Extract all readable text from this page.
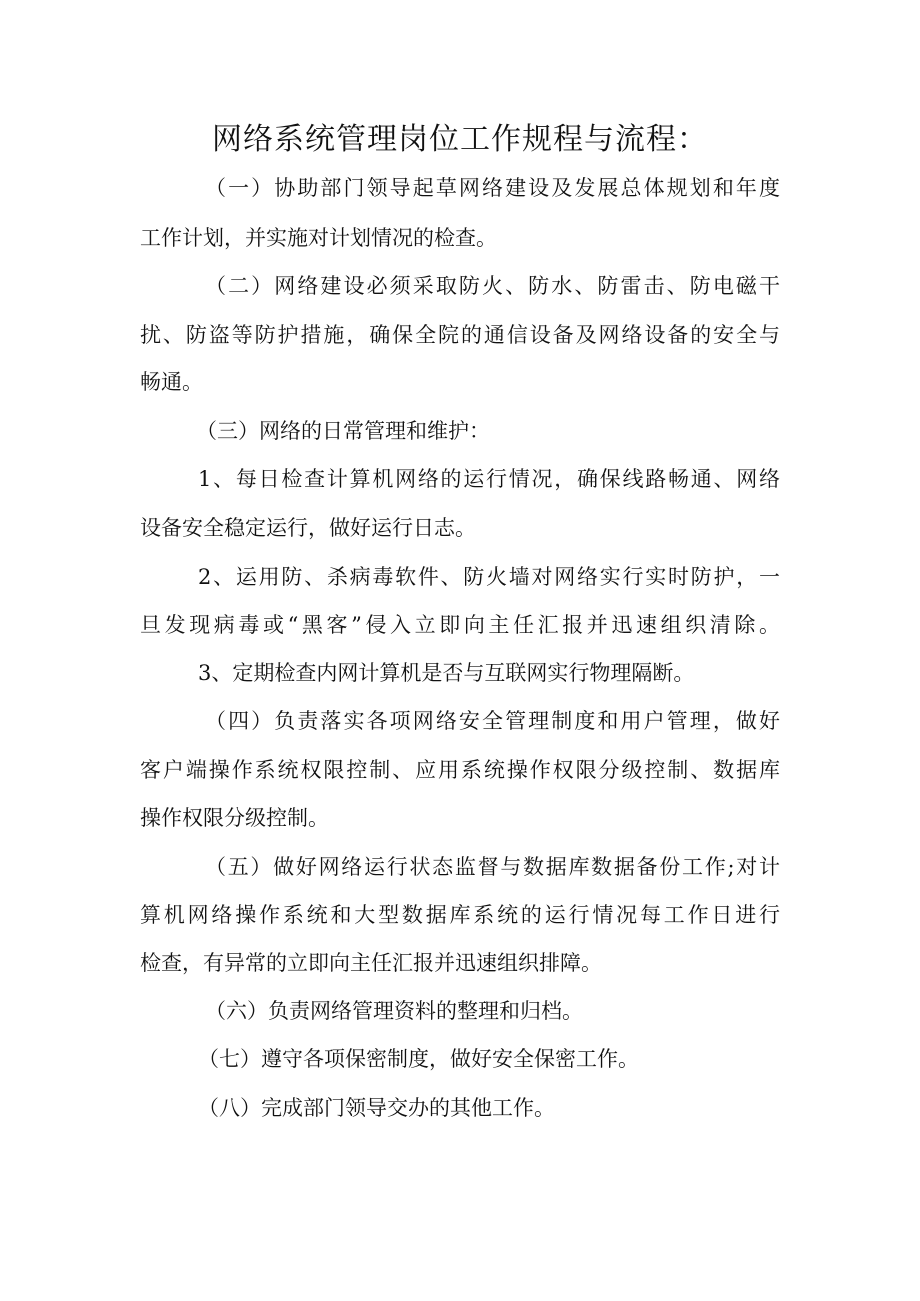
网络系统管理岗位工作规程与流程：
（一）协助部门领导起草网络建设及发展总体规划和年度
工作计划，并实施对计划情况的检查。
（二）网络建设必须采取防火、防水、防雷击、防电磁干
扰、防盗等防护措施，确保全院的通信设备及网络设备的安全与
畅通。
（三）网络的日常管理和维护：
1、每日检查计算机网络的运行情况，确保线路畅通、网络
设备安全稳定运行，做好运行日志。
2、运用防、杀病毒软件、防火墙对网络实行实时防护，一
旦发现病毒或“黑客”侵入立即向主任汇报并迅速组织清除。
3、定期检查内网计算机是否与互联网实行物理隔断。
（四）负责落实各项网络安全管理制度和用户管理，做好
客户端操作系统权限控制、应用系统操作权限分级控制、数据库
操作权限分级控制。
（五）做好网络运行状态监督与数据库数据备份工作;对计
算机网络操作系统和大型数据库系统的运行情况每工作日进行
检查，有异常的立即向主任汇报并迅速组织排障。
（六）负责网络管理资料的整理和归档。
（七）遵守各项保密制度，做好安全保密工作。
（八）完成部门领导交办的其他工作。
